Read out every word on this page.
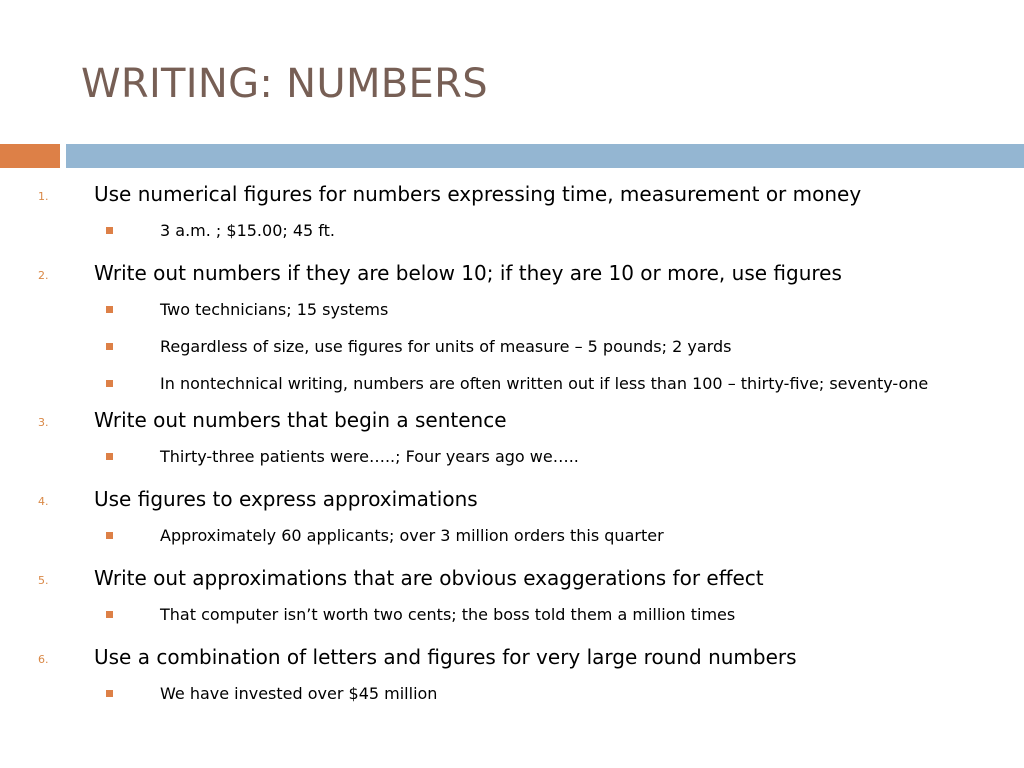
WRITING: NUMBERS
1. Use numerical figures for numbers expressing time, measurement or money
3 a.m. ; $15.00; 45 ft.
2. Write out numbers if they are below 10; if they are 10 or more, use figures
Two technicians; 15 systems
Regardless of size, use figures for units of measure – 5 pounds; 2 yards
In nontechnical writing, numbers are often written out if less than 100 – thirty-five; seventy-one
3. Write out numbers that begin a sentence
Thirty-three patients were…..; Four years ago we…..
4. Use figures to express approximations
Approximately 60 applicants; over 3 million orders this quarter
5. Write out approximations that are obvious exaggerations for effect
That computer isn’t worth two cents; the boss told them a million times
6. Use a combination of letters and figures for very large round numbers
We have invested over $45 million
